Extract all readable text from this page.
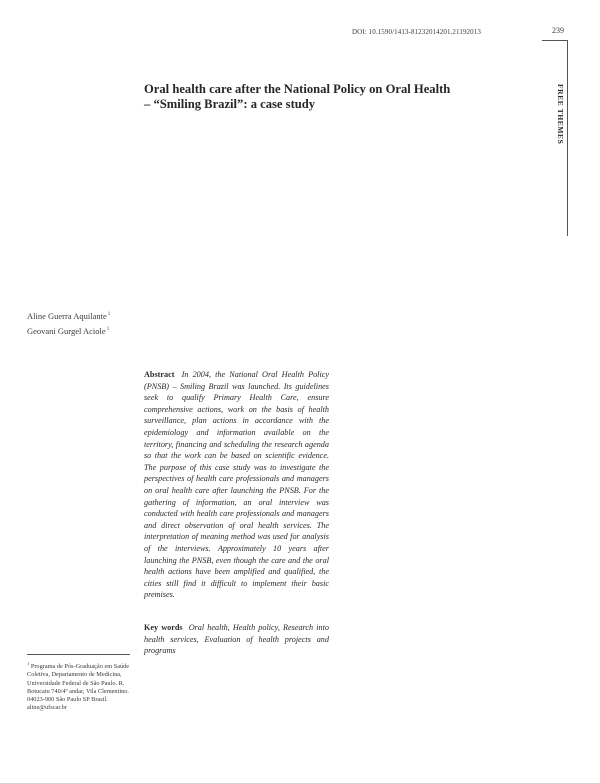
DOI: 10.1590/1413-81232014201.21192013	239
FREE THEMES
Oral health care after the National Policy on Oral Health
– “Smiling Brazil”: a case study
Aline Guerra Aquilante$^1$
Geovani Gurgel Aciole$^1$
Abstract In 2004, the National Oral Health Policy (PNSB) – Smiling Brazil was launched. Its guidelines seek to qualify Primary Health Care, ensure comprehensive actions, work on the basis of health surveillance, plan actions in accordance with the epidemiology and information available on the territory, financing and scheduling the research agenda so that the work can be based on scientific evidence. The purpose of this case study was to investigate the perspectives of health care professionals and managers on oral health care after launching the PNSB. For the gathering of information, an oral interview was conducted with health care professionals and managers and direct observation of oral health services. The interpretation of meaning method was used for analysis of the interviews. Approximately 10 years after launching the PNSB, even though the care and the oral health actions have been amplified and qualified, the cities still find it difficult to implement their basic premises.
Key words Oral health, Health policy, Research into health services, Evaluation of health projects and programs
$^1$ Programa de Pós-Graduação em Saúde Coletiva, Departamento de Medicina, Universidade Federal de São Paulo. R. Botucatu 740/4º andar, Vila Clementino. 04023-900 São Paulo SP Brasil. aline@ufscar.br
